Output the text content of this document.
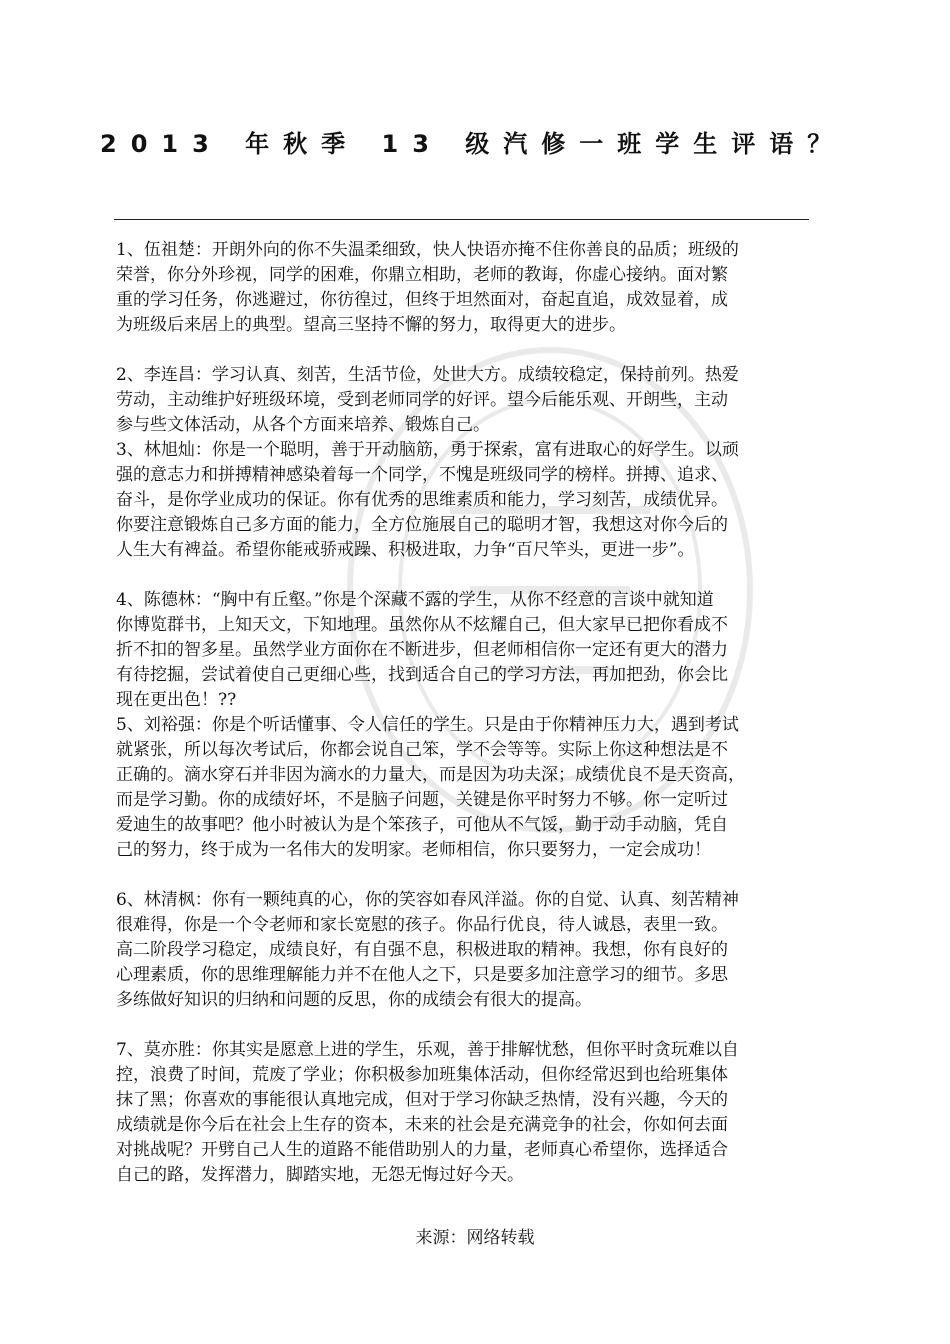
2013 年秋季 13 级汽修一班学生评语？

1、伍祖楚：开朗外向的你不失温柔细致，快人快语亦掩不住你善良的品质；班级的
荣誉，你分外珍视，同学的困难，你鼎立相助，老师的教诲，你虚心接纳。面对繁
重的学习任务，你逃避过，你彷徨过，但终于坦然面对，奋起直追，成效显着，成
为班级后来居上的典型。望高三坚持不懈的努力，取得更大的进步。

2、李连昌：学习认真、刻苦，生活节俭，处世大方。成绩较稳定，保持前列。热爱
劳动，主动维护好班级环境，受到老师同学的好评。望今后能乐观、开朗些，主动
参与些文体活动，从各个方面来培养、锻炼自己。

3、林旭灿：你是一个聪明，善于开动脑筋，勇于探索，富有进取心的好学生。以顽
强的意志力和拼搏精神感染着每一个同学，不愧是班级同学的榜样。拼搏、追求、
奋斗，是你学业成功的保证。你有优秀的思维素质和能力，学习刻苦，成绩优异。
你要注意锻炼自己多方面的能力，全方位施展自己的聪明才智，我想这对你今后的
人生大有裨益。希望你能戒骄戒躁、积极进取，力争“百尺竿头，更进一步”。

4、陈德林：“胸中有丘壑。”你是个深藏不露的学生，从你不经意的言谈中就知道
你博览群书，上知天文，下知地理。虽然你从不炫耀自己，但大家早已把你看成不
折不扣的智多星。虽然学业方面你在不断进步，但老师相信你一定还有更大的潜力
有待挖掘，尝试着使自己更细心些，找到适合自己的学习方法，再加把劲，你会比
现在更出色！??

5、刘裕强：你是个听话懂事、令人信任的学生。只是由于你精神压力大，遇到考试
就紧张，所以每次考试后，你都会说自己笨，学不会等等。实际上你这种想法是不
正确的。滴水穿石并非因为滴水的力量大，而是因为功夫深；成绩优良不是天资高，
而是学习勤。你的成绩好坏，不是脑子问题，关键是你平时努力不够。你一定听过
爱迪生的故事吧？他小时被认为是个笨孩子，可他从不气馁，勤于动手动脑，凭自
己的努力，终于成为一名伟大的发明家。老师相信，你只要努力，一定会成功！

6、林清枫：你有一颗纯真的心，你的笑容如春风洋溢。你的自觉、认真、刻苦精神
很难得，你是一个令老师和家长宽慰的孩子。你品行优良，待人诚恳，表里一致。
高二阶段学习稳定，成绩良好，有自强不息，积极进取的精神。我想，你有良好的
心理素质，你的思维理解能力并不在他人之下，只是要多加注意学习的细节。多思
多练做好知识的归纳和问题的反思，你的成绩会有很大的提高。

7、莫亦胜：你其实是愿意上进的学生，乐观，善于排解忧愁，但你平时贪玩难以自
控，浪费了时间，荒废了学业；你积极参加班集体活动，但你经常迟到也给班集体
抹了黑；你喜欢的事能很认真地完成，但对于学习你缺乏热情，没有兴趣，今天的
成绩就是你今后在社会上生存的资本，未来的社会是充满竞争的社会，你如何去面
对挑战呢？开劈自己人生的道路不能借助别人的力量，老师真心希望你，选择适合
自己的路，发挥潜力，脚踏实地，无怨无悔过好今天。

来源：网络转载
